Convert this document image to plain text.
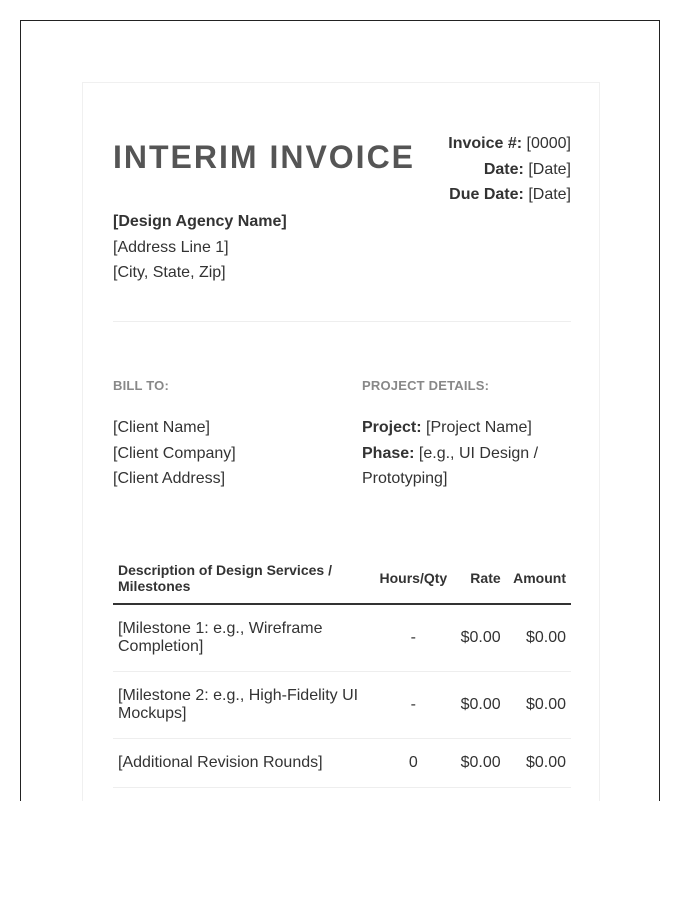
INTERIM INVOICE Invoice #: [0000]
Date: [Date]
Due Date: [Date]
[Design Agency Name]
[Address Line 1]
[City, State, Zip]
BILL TO:	PROJECT DETAILS:
[Client Name]
[Client Company]
[Client Address]
Project: [Project Name]
Phase: [e.g., UI Design / Prototyping]
Description of Design Services / Milestones	Hours/Qty	Rate	Amount
[Milestone 1: e.g., Wireframe Completion]	-	$0.00	$0.00
[Milestone 2: e.g., High-Fidelity UI Mockups]	-	$0.00	$0.00
[Additional Revision Rounds]	0	$0.00	$0.00
